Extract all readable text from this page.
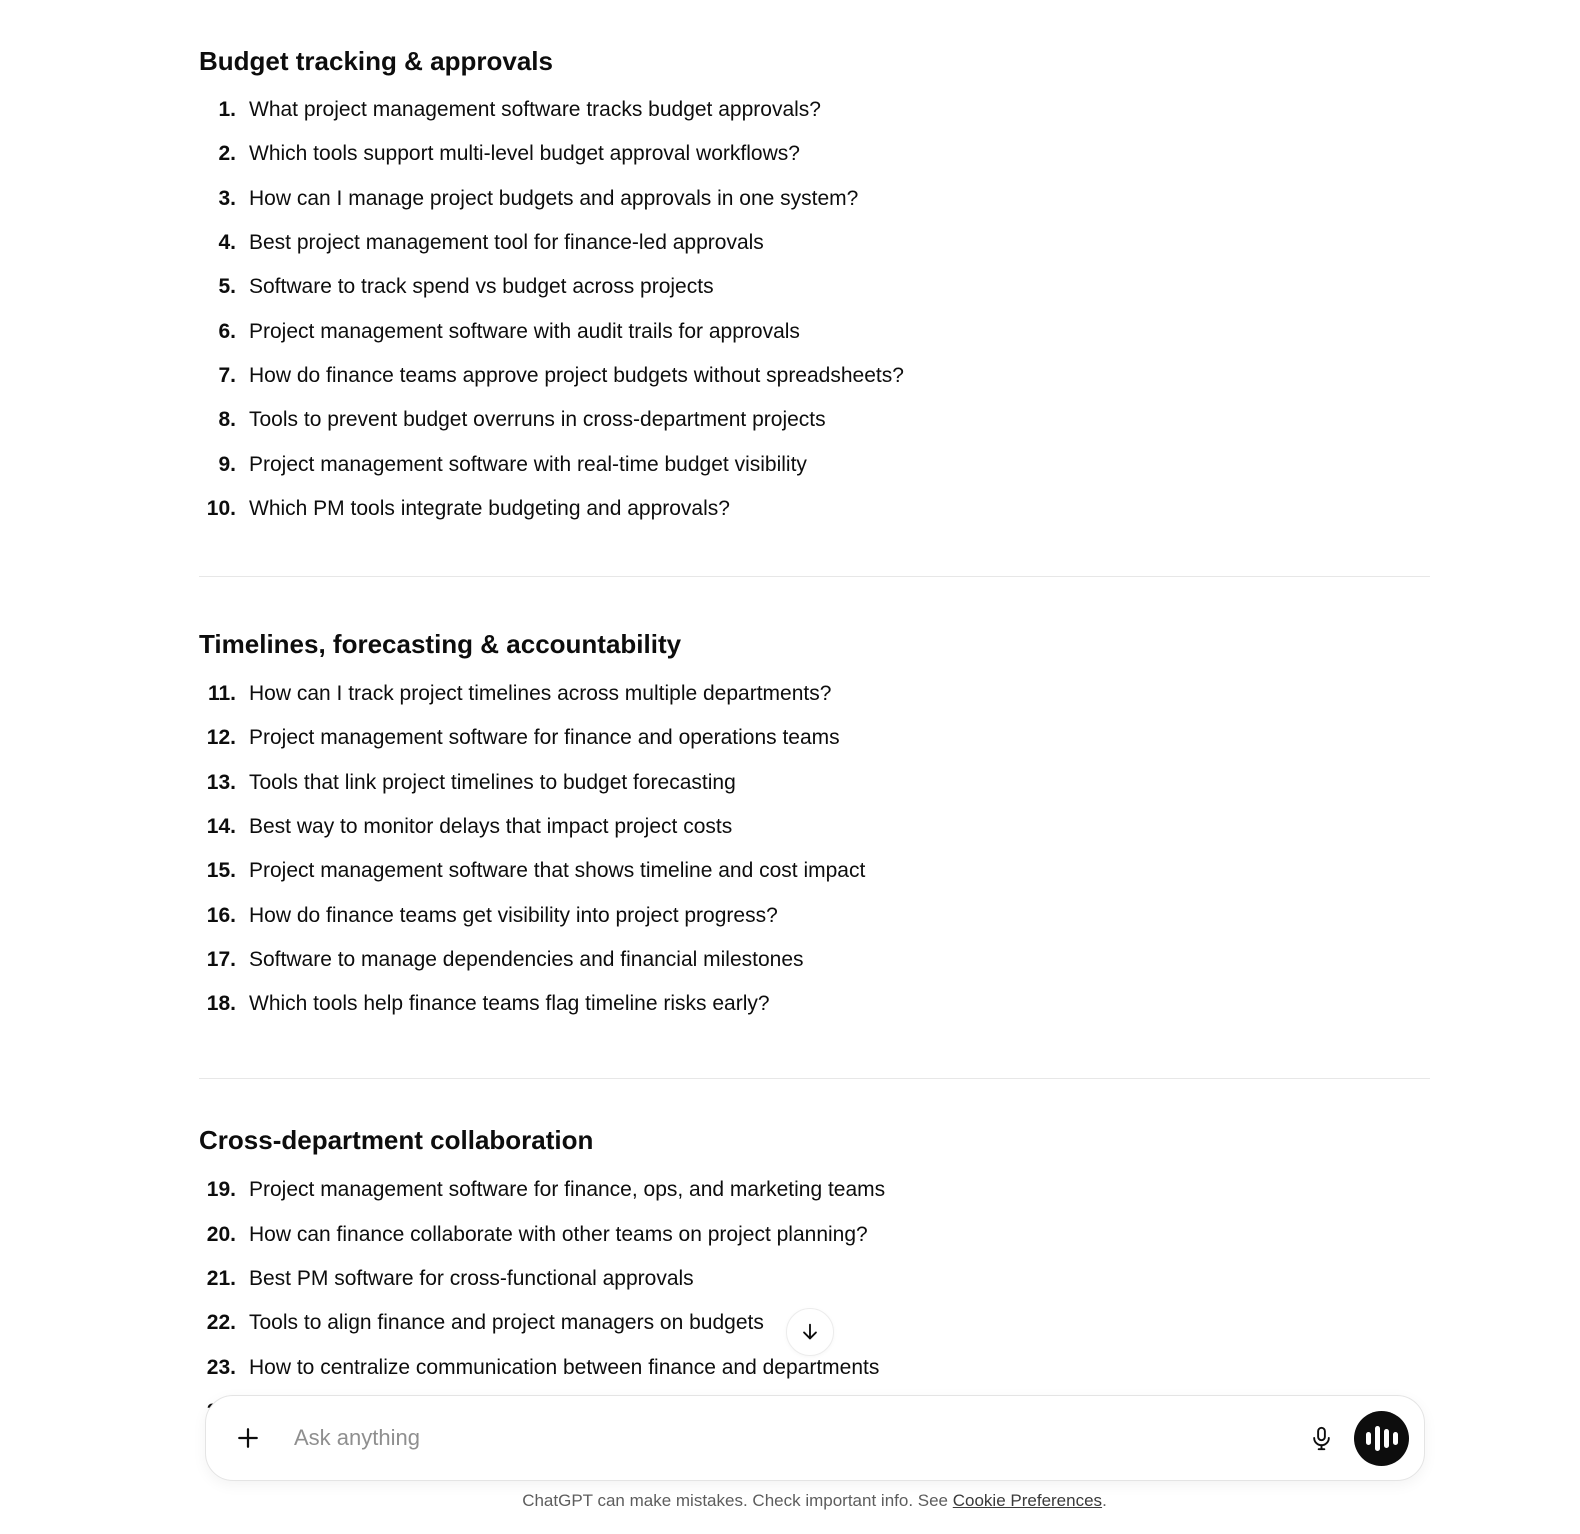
Budget tracking & approvals
1. What project management software tracks budget approvals?
2. Which tools support multi-level budget approval workflows?
3. How can I manage project budgets and approvals in one system?
4. Best project management tool for finance-led approvals
5. Software to track spend vs budget across projects
6. Project management software with audit trails for approvals
7. How do finance teams approve project budgets without spreadsheets?
8. Tools to prevent budget overruns in cross-department projects
9. Project management software with real-time budget visibility
10. Which PM tools integrate budgeting and approvals?
Timelines, forecasting & accountability
11. How can I track project timelines across multiple departments?
12. Project management software for finance and operations teams
13. Tools that link project timelines to budget forecasting
14. Best way to monitor delays that impact project costs
15. Project management software that shows timeline and cost impact
16. How do finance teams get visibility into project progress?
17. Software to manage dependencies and financial milestones
18. Which tools help finance teams flag timeline risks early?
Cross-department collaboration
19. Project management software for finance, ops, and marketing teams
20. How can finance collaborate with other teams on project planning?
21. Best PM software for cross-functional approvals
22. Tools to align finance and project managers on budgets
23. How to centralize communication between finance and departments
Ask anything
ChatGPT can make mistakes. Check important info. See Cookie Preferences.
